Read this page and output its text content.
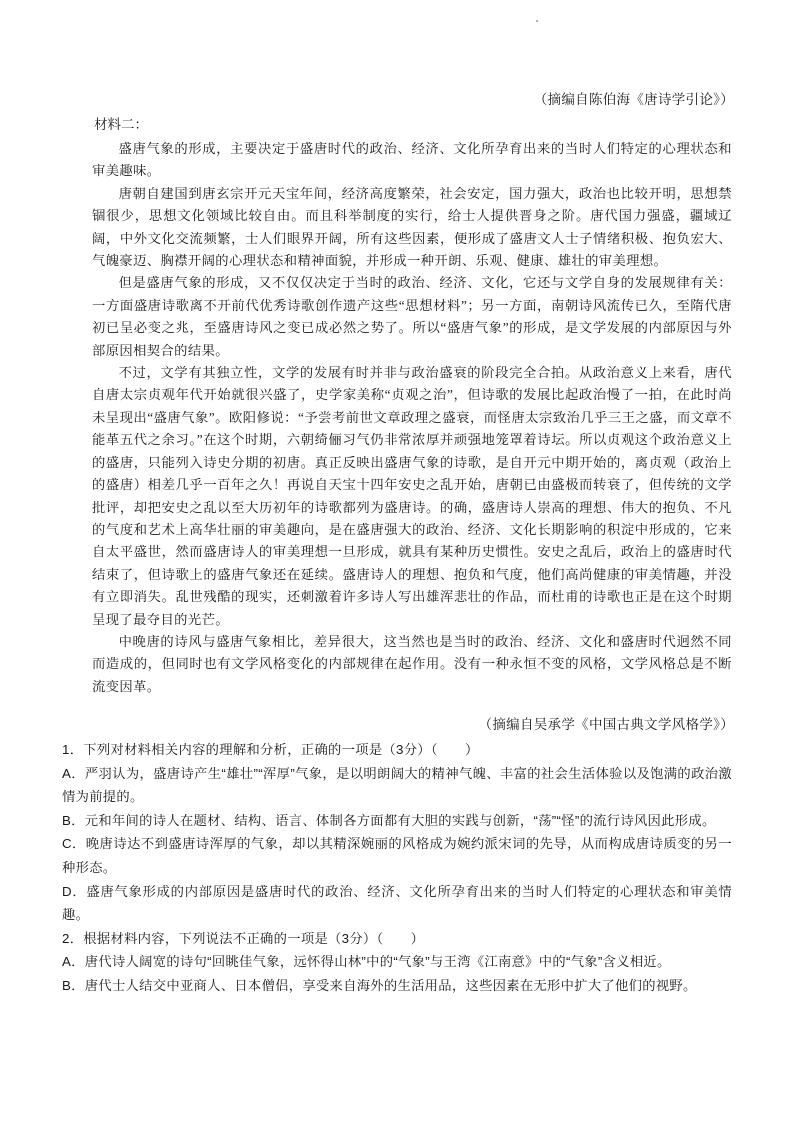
（摘编自陈伯海《唐诗学引论》）
材料二：

盛唐气象的形成，主要决定于盛唐时代的政治、经济、文化所孕育出来的当时人们特定的心理状态和审美趣味。

唐朝自建国到唐玄宗开元天宝年间，经济高度繁荣，社会安定，国力强大，政治也比较开明，思想禁锢很少，思想文化领域比较自由。而且科举制度的实行，给士人提供晋身之阶。唐代国力强盛，疆域辽阔，中外文化交流频繁，士人们眼界开阔，所有这些因素，便形成了盛唐文人士子情绪积极、抱负宏大、气魄豪迈、胸襟开阔的心理状态和精神面貌，并形成一种开朗、乐观、健康、雄壮的审美理想。

但是盛唐气象的形成，又不仅仅决定于当时的政治、经济、文化，它还与文学自身的发展规律有关：一方面盛唐诗歌离不开前代优秀诗歌创作遗产这些“思想材料”；另一方面，南朝诗风流传已久，至隋代唐初已呈必变之兆，至盛唐诗风之变已成必然之势了。所以“盛唐气象”的形成，是文学发展的内部原因与外部原因相契合的结果。

不过，文学有其独立性，文学的发展有时并非与政治盛衰的阶段完全合拍。从政治意义上来看，唐代自唐太宗贞观年代开始就很兴盛了，史学家美称“贞观之治”，但诗歌的发展比起政治慢了一拍，在此时尚未呈现出“盛唐气象”。欧阳修说：“予尝考前世文章政理之盛衰，而怪唐太宗致治几乎三王之盛，而文章不能革五代之余习。”在这个时期，六朝绮俪习气仍非常浓厚并顽强地笼罩着诗坛。所以贞观这个政治意义上的盛唐，只能列入诗史分期的初唐。真正反映出盛唐气象的诗歌，是自开元中期开始的，离贞观（政治上的盛唐）相差几乎一百年之久！再说自天宝十四年安史之乱开始，唐朝已由盛极而转衰了，但传统的文学批评，却把安史之乱以至大历初年的诗歌都列为盛唐诗。的确，盛唐诗人崇高的理想、伟大的抱负、不凡的气度和艺术上高华壮丽的审美趣向，是在盛唐强大的政治、经济、文化长期影响的积淀中形成的，它来自太平盛世，然而盛唐诗人的审美理想一旦形成，就具有某种历史惯性。安史之乱后，政治上的盛唐时代结束了，但诗歌上的盛唐气象还在延续。盛唐诗人的理想、抱负和气度，他们高尚健康的审美情趣，并没有立即消失。乱世残酷的现实，还刺激着许多诗人写出雄浑悲壮的作品，而杜甫的诗歌也正是在这个时期呈现了最夺目的光芒。

中晚唐的诗风与盛唐气象相比，差异很大，这当然也是当时的政治、经济、文化和盛唐时代迥然不同而造成的，但同时也有文学风格变化的内部规律在起作用。没有一种永恒不变的风格，文学风格总是不断流变因革。

（摘编自吴承学《中国古典文学风格学》）

1．下列对材料相关内容的理解和分析，正确的一项是（3分）（　　）

A．严羽认为，盛唐诗产生“雄壮”“浑厚”气象，是以明朗阔大的精神气魄、丰富的社会生活体验以及饱满的政治激情为前提的。

B．元和年间的诗人在题材、结构、语言、体制各方面都有大胆的实践与创新，“荡”“怪”的流行诗风因此形成。

C．晚唐诗达不到盛唐诗浑厚的气象，却以其精深婉丽的风格成为婉约派宋词的先导，从而构成唐诗质变的另一种形态。

D．盛唐气象形成的内部原因是盛唐时代的政治、经济、文化所孕育出来的当时人们特定的心理状态和审美情趣。

2．根据材料内容，下列说法不正确的一项是（3分）（　　）

A．唐代诗人阔宽的诗句“回眺佳气象，远怀得山林”中的“气象”与王湾《江南意》中的“气象”含义相近。

B．唐代士人结交中亚商人、日本僧侣，享受来自海外的生活用品，这些因素在无形中扩大了他们的视野。
